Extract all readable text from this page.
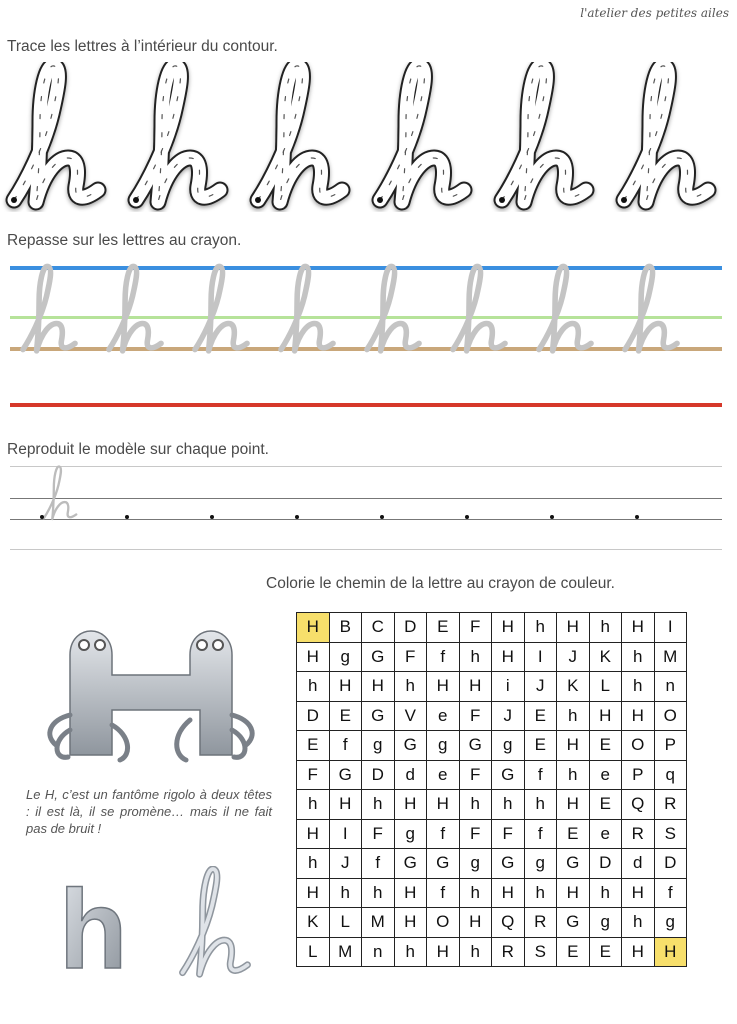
l'atelier des petites ailes
Trace les lettres à l’intérieur du contour.
Repasse sur les lettres au crayon.
Reproduit le modèle sur chaque point.
Colorie le chemin de la lettre au crayon de couleur.
Le H, c’est un fantôme rigolo à deux têtes : il est là, il se promène… mais il ne fait pas de bruit !
h
H	B	C	D	E	F	H	h	H	h	H	I
H	g	G	F	f	h	H	I	J	K	h	M
h	H	H	h	H	H	i	J	K	L	h	n
D	E	G	V	e	F	J	E	h	H	H	O
E	f	g	G	g	G	g	E	H	E	O	P
F	G	D	d	e	F	G	f	h	e	P	q
h	H	h	H	H	h	h	h	H	E	Q	R
H	I	F	g	f	F	F	f	E	e	R	S
h	J	f	G	G	g	G	g	G	D	d	D
H	h	h	H	f	h	H	h	H	h	H	f
K	L	M	H	O	H	Q	R	G	g	h	g
L	M	n	h	H	h	R	S	E	E	H	H
